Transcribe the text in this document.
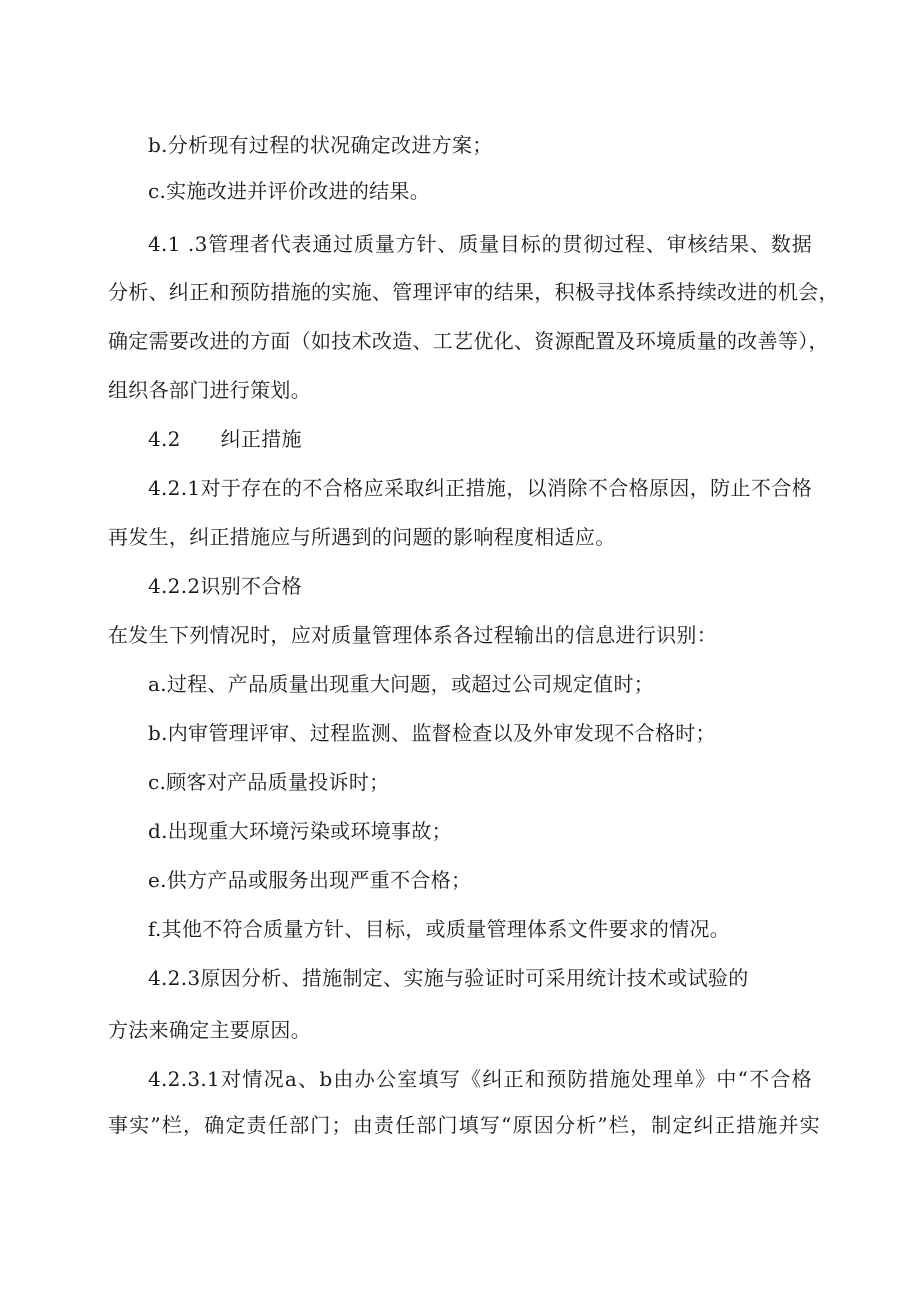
b.分析现有过程的状况确定改进方案；
c.实施改进并评价改进的结果。
4.1 .3管理者代表通过质量方针、质量目标的贯彻过程、审核结果、数据
分析、纠正和预防措施的实施、管理评审的结果，积极寻找体系持续改进的机会，
确定需要改进的方面（如技术改造、工艺优化、资源配置及环境质量的改善等），
组织各部门进行策划。
4.2      纠正措施
4.2.1对于存在的不合格应采取纠正措施，以消除不合格原因，防止不合格
再发生，纠正措施应与所遇到的问题的影响程度相适应。
4.2.2识别不合格
在发生下列情况时，应对质量管理体系各过程输出的信息进行识别：
a.过程、产品质量出现重大问题，或超过公司规定值时；
b.内审管理评审、过程监测、监督检查以及外审发现不合格时；
c.顾客对产品质量投诉时；
d.出现重大环境污染或环境事故；
e.供方产品或服务出现严重不合格；
f.其他不符合质量方针、目标，或质量管理体系文件要求的情况。
4.2.3原因分析、措施制定、实施与验证时可采用统计技术或试验的
方法来确定主要原因。
4.2.3.1对情况a、b由办公室填写《纠正和预防措施处理单》中“不合格
事实”栏，确定责任部门；由责任部门填写“原因分析”栏，制定纠正措施并实
